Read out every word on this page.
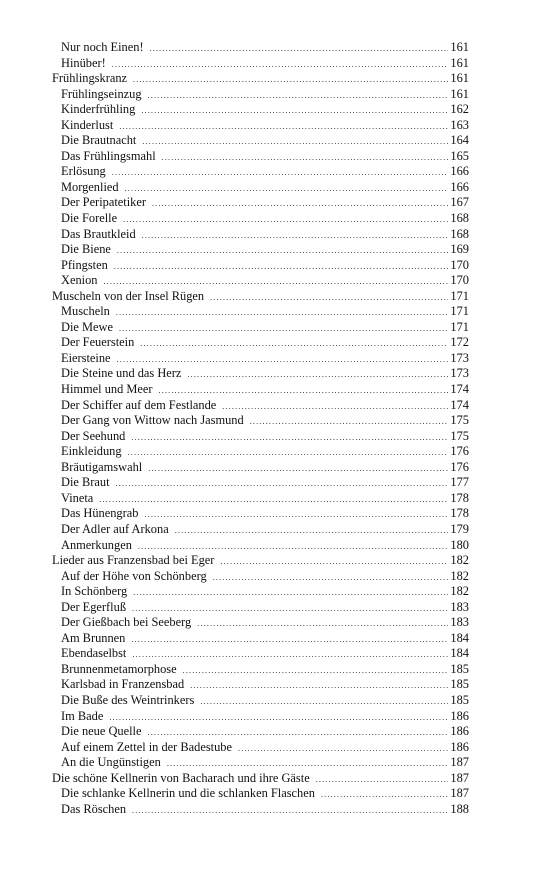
Nur noch Einen! .....	161
Hinüber! .....	161
Frühlingskranz .....	161
Frühlingseinzug .....	161
Kinderfrühling .....	162
Kinderlust .....	163
Die Brautnacht .....	164
Das Frühlingsmahl .....	165
Erlösung .....	166
Morgenlied .....	166
Der Peripatetiker .....	167
Die Forelle .....	168
Das Brautkleid .....	168
Die Biene .....	169
Pfingsten .....	170
Xenion .....	170
Muscheln von der Insel Rügen .....	171
Muscheln .....	171
Die Mewe .....	171
Der Feuerstein .....	172
Eiersteine .....	173
Die Steine und das Herz .....	173
Himmel und Meer .....	174
Der Schiffer auf dem Festlande .....	174
Der Gang von Wittow nach Jasmund .....	175
Der Seehund .....	175
Einkleidung .....	176
Bräutigamswahl .....	176
Die Braut .....	177
Vineta .....	178
Das Hünengrab .....	178
Der Adler auf Arkona .....	179
Anmerkungen .....	180
Lieder aus Franzensbad bei Eger .....	182
Auf der Höhe von Schönberg .....	182
In Schönberg .....	182
Der Egerfluß .....	183
Der Gießbach bei Seeberg .....	183
Am Brunnen .....	184
Ebendaselbst .....	184
Brunnenmetamorphose .....	185
Karlsbad in Franzensbad .....	185
Die Buße des Weintrinkers .....	185
Im Bade .....	186
Die neue Quelle .....	186
Auf einem Zettel in der Badestube .....	186
An die Ungünstigen .....	187
Die schöne Kellnerin von Bacharach und ihre Gäste .....	187
Die schlanke Kellnerin und die schlanken Flaschen .....	187
Das Röschen .....	188
